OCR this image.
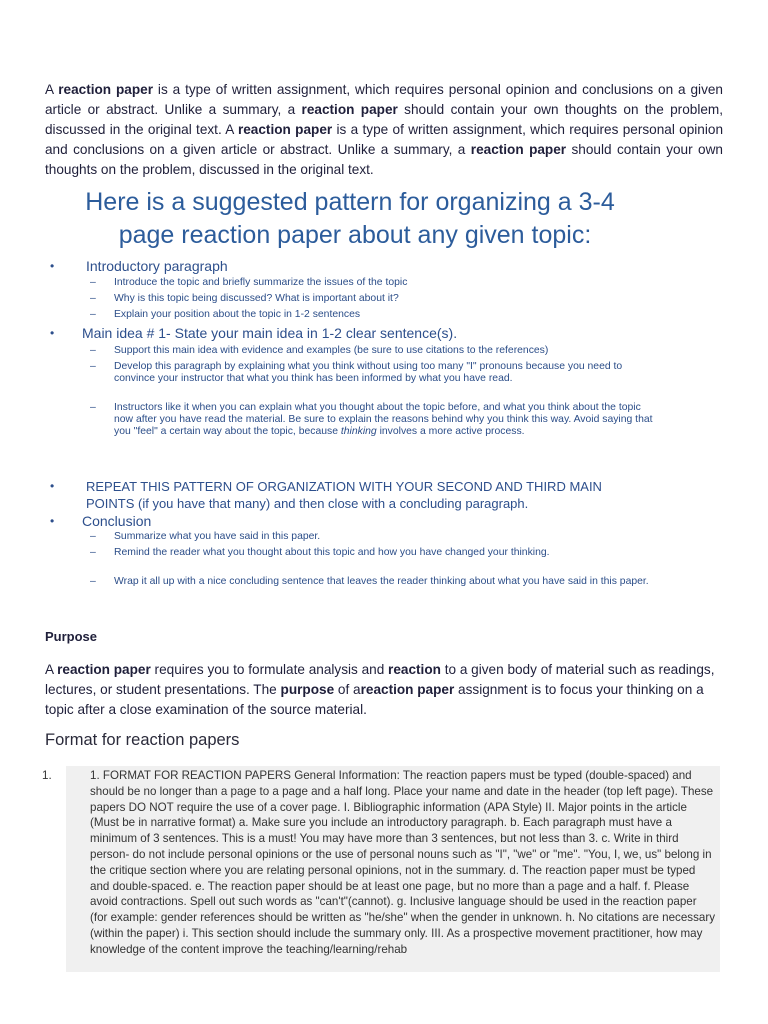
A reaction paper is a type of written assignment, which requires personal opinion and conclusions on a given article or abstract. Unlike a summary, a reaction paper should contain your own thoughts on the problem, discussed in the original text. A reaction paper is a type of written assignment, which requires personal opinion and conclusions on a given article or abstract. Unlike a summary, a reaction paper should contain your own thoughts on the problem, discussed in the original text.

Here is a suggested pattern for organizing a 3-4
page reaction paper about any given topic:
• Introductory paragraph
– Introduce the topic and briefly summarize the issues of the topic
– Why is this topic being discussed? What is important about it?
– Explain your position about the topic in 1-2 sentences
• Main idea # 1- State your main idea in 1-2 clear sentence(s).
– Support this main idea with evidence and examples (be sure to use citations to the references)
– Develop this paragraph by explaining what you think without using too many "I" pronouns because you need to convince your instructor that what you think has been informed by what you have read.
– Instructors like it when you can explain what you thought about the topic before, and what you think about the topic now after you have read the material. Be sure to explain the reasons behind why you think this way. Avoid saying that you "feel" a certain way about the topic, because thinking involves a more active process.
• REPEAT THIS PATTERN OF ORGANIZATION WITH YOUR SECOND AND THIRD MAIN
POINTS (if you have that many) and then close with a concluding paragraph.
• Conclusion
– Summarize what you have said in this paper.
– Remind the reader what you thought about this topic and how you have changed your thinking.
– Wrap it all up with a nice concluding sentence that leaves the reader thinking about what you have said in this paper.
Purpose

A reaction paper requires you to formulate analysis and reaction to a given body of material such as readings, lectures, or student presentations. The purpose of areaction paper assignment is to focus your thinking on a topic after a close examination of the source material.

Format for reaction papers
1.	1. FORMAT FOR REACTION PAPERS General Information: The reaction papers must be typed (double-spaced) and should be no longer than a page to a page and a half long. Place your name and date in the header (top left page). These papers DO NOT require the use of a cover page. I. Bibliographic information (APA Style) II. Major points in the article (Must be in narrative format) a. Make sure you include an introductory paragraph. b. Each paragraph must have a minimum of 3 sentences. This is a must! You may have more than 3 sentences, but not less than 3. c. Write in third person- do not include personal opinions or the use of personal nouns such as "I", "we" or "me". "You, I, we, us" belong in the critique section where you are relating personal opinions, not in the summary. d. The reaction paper must be typed and double-spaced. e. The reaction paper should be at least one page, but no more than a page and a half. f. Please avoid contractions. Spell out such words as "can't"(cannot). g. Inclusive language should be used in the reaction paper (for example: gender references should be written as "he/she" when the gender in unknown. h. No citations are necessary (within the paper) i. This section should include the summary only. III. As a prospective movement practitioner, how may knowledge of the content improve the teaching/learning/rehab
